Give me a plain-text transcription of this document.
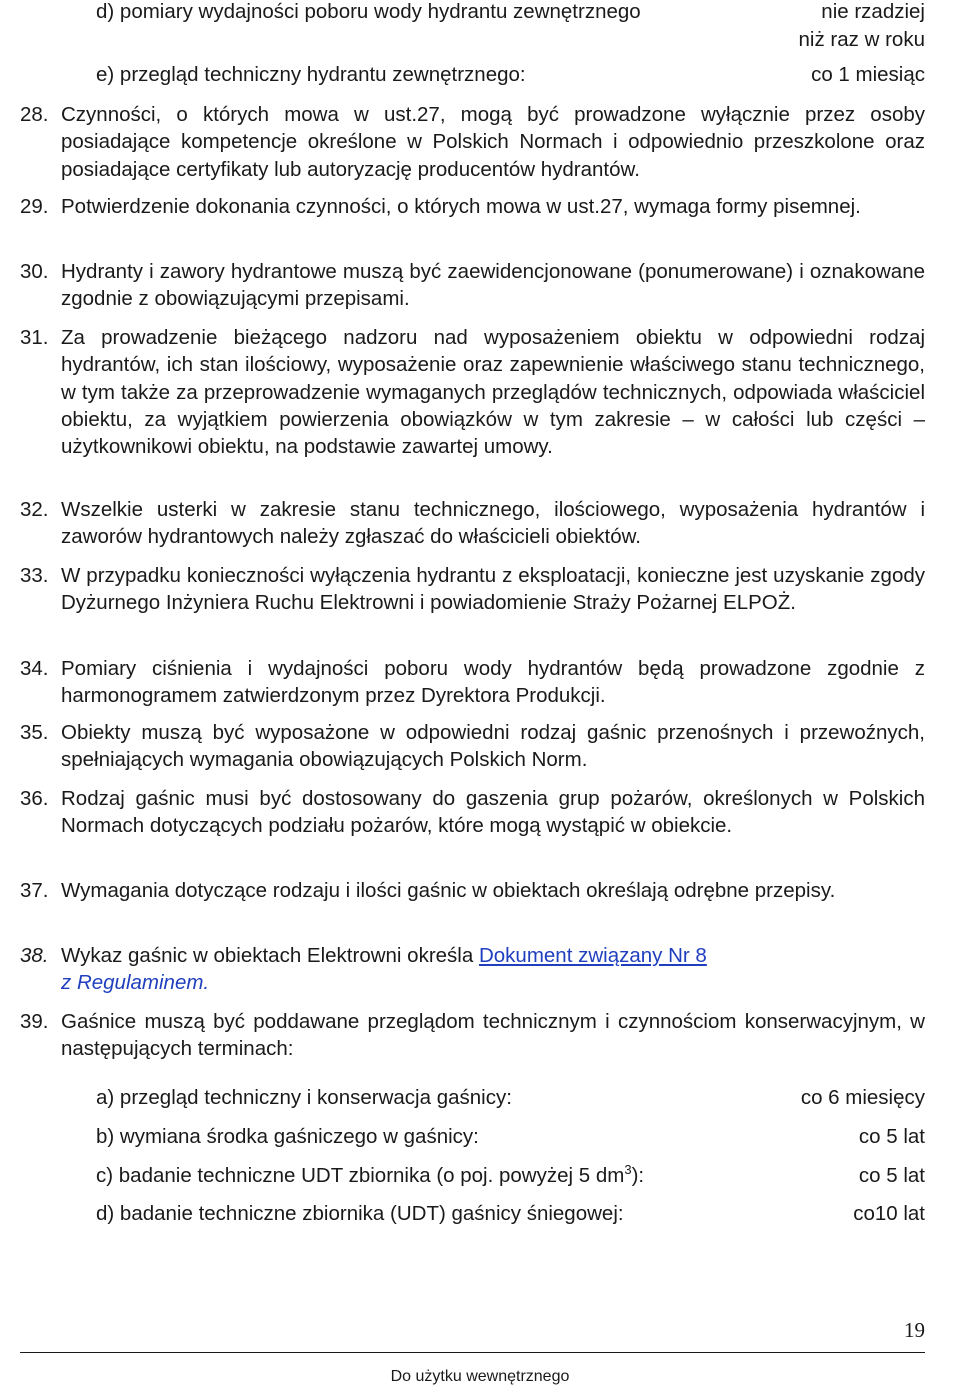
d) pomiary wydajności poboru wody hydrantu zewnętrznego	nie rzadziej
niż raz w roku
e) przegląd techniczny hydrantu zewnętrznego:	co 1 miesiąc
28. Czynności, o których mowa w ust.27, mogą być prowadzone wyłącznie przez osoby posiadające kompetencje określone w Polskich Normach i odpowiednio przeszkolone oraz posiadające certyfikaty lub autoryzację producentów hydrantów.
29. Potwierdzenie dokonania czynności, o których mowa w ust.27, wymaga formy pisemnej.
30. Hydranty i zawory hydrantowe muszą być zaewidencjonowane (ponumerowane) i oznakowane zgodnie z obowiązującymi przepisami.
31. Za prowadzenie bieżącego nadzoru nad wyposażeniem obiektu w odpowiedni rodzaj hydrantów, ich stan ilościowy, wyposażenie oraz zapewnienie właściwego stanu technicznego, w tym także za przeprowadzenie wymaganych przeglądów technicznych, odpowiada właściciel obiektu, za wyjątkiem powierzenia obowiązków w tym zakresie – w całości lub części – użytkownikowi obiektu, na podstawie zawartej umowy.
32. Wszelkie usterki w zakresie stanu technicznego, ilościowego, wyposażenia hydrantów i zaworów hydrantowych należy zgłaszać do właścicieli obiektów.
33. W przypadku konieczności wyłączenia hydrantu z eksploatacji, konieczne jest uzyskanie zgody Dyżurnego Inżyniera Ruchu Elektrowni i powiadomienie Straży Pożarnej ELPOŻ.
34. Pomiary ciśnienia i wydajności poboru wody hydrantów będą prowadzone zgodnie z harmonogramem zatwierdzonym przez Dyrektora Produkcji.
35. Obiekty muszą być wyposażone w odpowiedni rodzaj gaśnic przenośnych i przewoźnych, spełniających wymagania obowiązujących Polskich Norm.
36. Rodzaj gaśnic musi być dostosowany do gaszenia grup pożarów, określonych w Polskich Normach dotyczących podziału pożarów, które mogą wystąpić w obiekcie.
37. Wymagania dotyczące rodzaju i ilości gaśnic w obiektach określają odrębne przepisy.
38. Wykaz gaśnic w obiektach Elektrowni określa Dokument związany Nr 8
z Regulaminem.
39. Gaśnice muszą być poddawane przeglądom technicznym i czynnościom konserwacyjnym, w następujących terminach:
a) przegląd techniczny i konserwacja gaśnicy:	co 6 miesięcy
b) wymiana środka gaśniczego w gaśnicy:	co 5 lat
c) badanie techniczne UDT zbiornika (o poj. powyżej 5 $dm^3$):	co 5 lat
d) badanie techniczne zbiornika (UDT) gaśnicy śniegowej:	co10 lat
19
Do użytku wewnętrznego
